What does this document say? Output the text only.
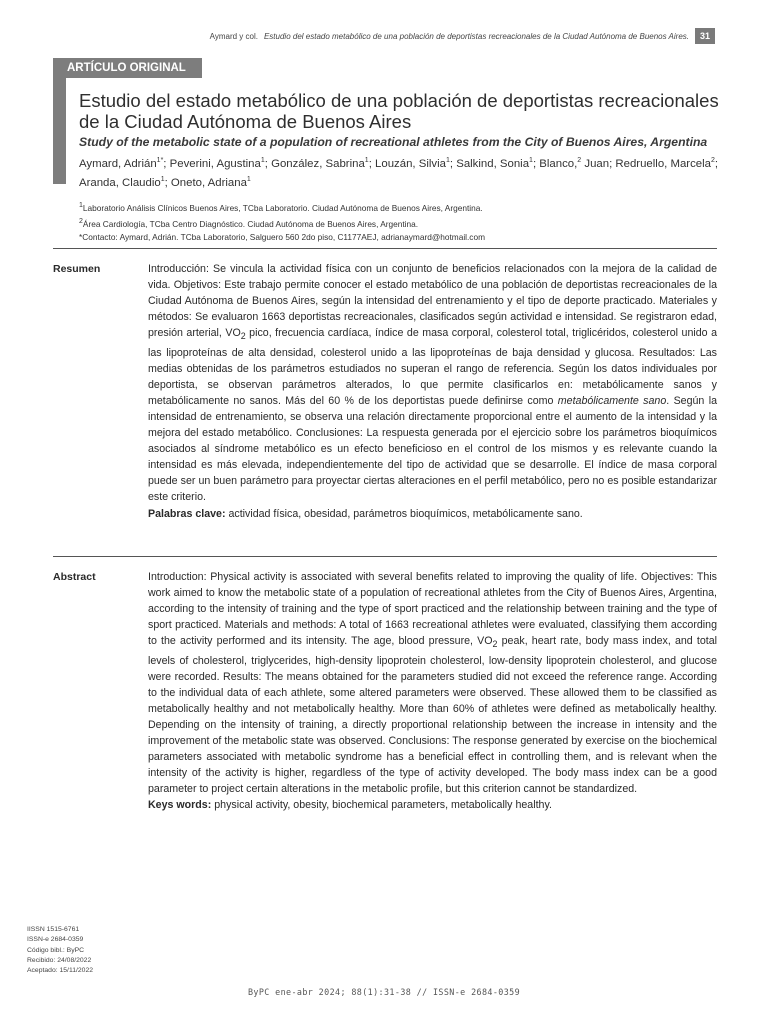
Aymard y col. Estudio del estado metabólico de una población de deportistas recreacionales de la Ciudad Autónoma de Buenos Aires.	31
ARTÍCULO ORIGINAL
Estudio del estado metabólico de una población de deportistas recreacionales de la Ciudad Autónoma de Buenos Aires
Study of the metabolic state of a population of recreational athletes from the City of Buenos Aires, Argentina

Aymard, Adrián$^{1*}$; Peverini, Agustina$^1$; González, Sabrina$^1$; Louzán, Silvia$^1$; Salkind, Sonia$^1$; Blanco,$^2$ Juan; Redruello, Marcela$^2$; Aranda, Claudio$^1$; Oneto, Adriana$^1$

$^1$Laboratorio Análisis Clínicos Buenos Aires, TCba Laboratorio. Ciudad Autónoma de Buenos Aires, Argentina.

$^2$Área Cardiología, TCba Centro Diagnóstico. Ciudad Autónoma de Buenos Aires, Argentina.

*Contacto: Aymard, Adrián. TCba Laboratorio, Salguero 560 2do piso, C1177AEJ, adrianaymard@hotmail.com

Resumen	Introducción: Se vincula la actividad física con un conjunto de beneficios relacionados con la mejora de la calidad de vida. Objetivos: Este trabajo permite conocer el estado metabólico de una población de deportistas recreacionales de la Ciudad Autónoma de Buenos Aires, según la intensidad del entrenamiento y el tipo de deporte practicado. Materiales y métodos: Se evaluaron 1663 deportistas recreacionales, clasificados según actividad e intensidad. Se registraron edad, presión arterial, $VO_2$ pico, frecuencia cardíaca, índice de masa corporal, colesterol total, triglicéridos, colesterol unido a las lipoproteínas de alta densidad, colesterol unido a las lipoproteínas de baja densidad y glucosa. Resultados: Las medias obtenidas de los parámetros estudiados no superan el rango de referencia. Según los datos individuales por deportista, se observan parámetros alterados, lo que permite clasificarlos en: metabólicamente sanos y metabólicamente no sanos. Más del 60 % de los deportistas puede definirse como metabólicamente sano. Según la intensidad de entrenamiento, se observa una relación directamente proporcional entre el aumento de la intensidad y la mejora del estado metabólico. Conclusiones: La respuesta generada por el ejercicio sobre los parámetros bioquímicos asociados al síndrome metabólico es un efecto beneficioso en el control de los mismos y es relevante cuando la intensidad es más elevada, independientemente del tipo de actividad que se desarrolle. El índice de masa corporal puede ser un buen parámetro para proyectar ciertas alteraciones en el perfil metabólico, pero no es posible estandarizar este criterio.

Palabras clave: actividad física, obesidad, parámetros bioquímicos, metabólicamente sano.

Abstract	Introduction: Physical activity is associated with several benefits related to improving the quality of life. Objectives: This work aimed to know the metabolic state of a population of recreational athletes from the City of Buenos Aires, Argentina, according to the intensity of training and the type of sport practiced and the relationship between training and the type of sport practiced. Materials and methods: A total of 1663 recreational athletes were evaluated, classifying them according to the activity performed and its intensity. The age, blood pressure, $VO_2$ peak, heart rate, body mass index, and total levels of cholesterol, triglycerides, high-density lipoprotein cholesterol, low-density lipoprotein cholesterol, and glucose were recorded. Results: The means obtained for the parameters studied did not exceed the reference range. According to the individual data of each athlete, some altered parameters were observed. These allowed them to be classified as metabolically healthy and not metabolically healthy. More than 60% of athletes were defined as metabolically healthy. Depending on the intensity of training, a directly proportional relationship between the increase in intensity and the improvement of the metabolic state was observed. Conclusions: The response generated by exercise on the biochemical parameters associated with metabolic syndrome has a beneficial effect in controlling them, and is relevant when the intensity of the activity is higher, regardless of the type of activity developed. The body mass index can be a good parameter to project certain alterations in the metabolic profile, but this criterion cannot be standardized.

Keys words: physical activity, obesity, biochemical parameters, metabolically healthy.

IISSN 1515-6761
ISSN-e 2684-0359
Código bibl.: ByPC
Recibido: 24/08/2022
Aceptado: 15/11/2022
ByPC ene-abr 2024; 88(1):31-38 // ISSN-e 2684-0359
